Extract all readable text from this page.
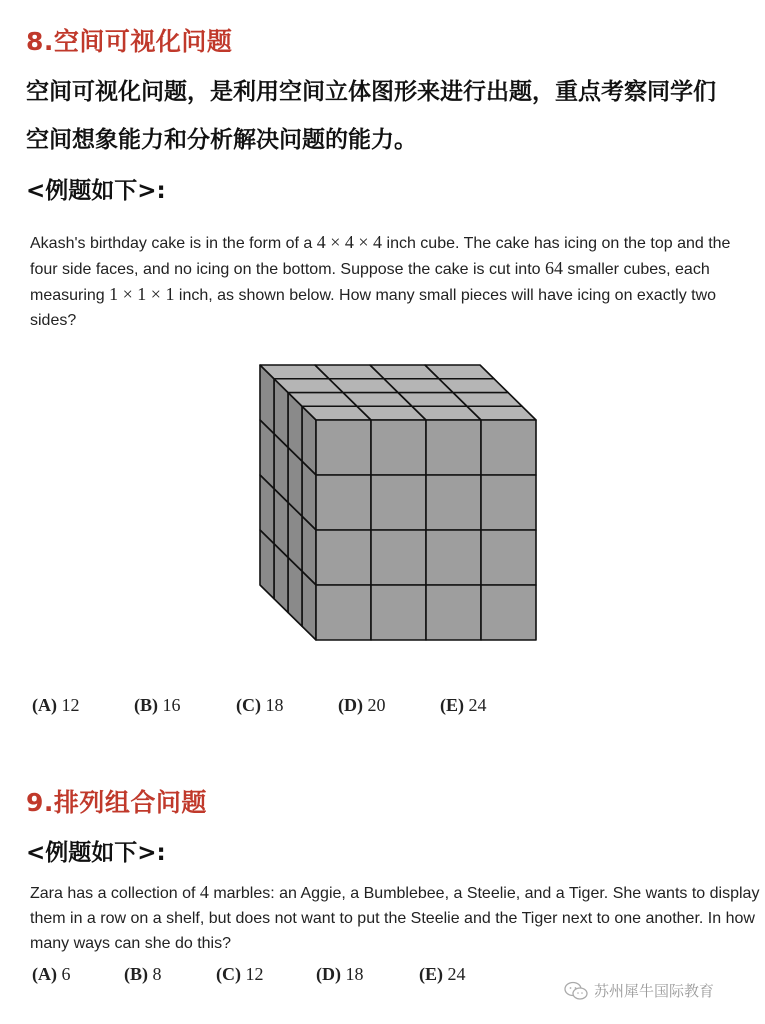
8.空间可视化问题
空间可视化问题，是利用空间立体图形来进行出题，重点考察同学们空间想象能力和分析解决问题的能力。
<例题如下>:

Akash's birthday cake is in the form of a 4 × 4 × 4 inch cube. The cake has icing on the top and the four side faces, and no icing on the bottom. Suppose the cake is cut into 64 smaller cubes, each measuring 1 × 1 × 1 inch, as shown below. How many small pieces will have icing on exactly two sides?

(A) 12	(B) 16	(C) 18	(D) 20	(E) 24
9.排列组合问题
<例题如下>:

Zara has a collection of 4 marbles: an Aggie, a Bumblebee, a Steelie, and a Tiger. She wants to display them in a row on a shelf, but does not want to put the Steelie and the Tiger next to one another. In how many ways can she do this?

(A) 6	(B) 8	(C) 12	(D) 18	(E) 24
苏州犀牛国际教育
